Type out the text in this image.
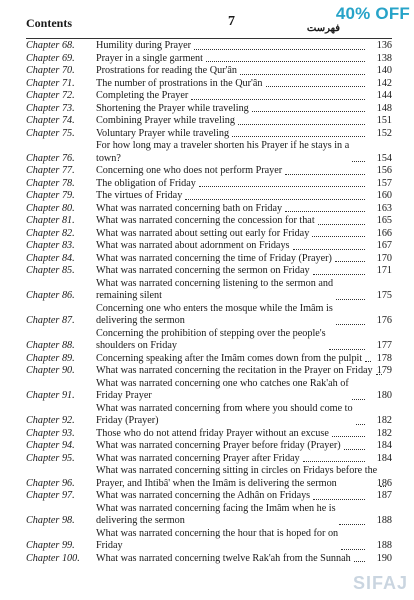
Contents	7	فهرست
40% OFF
Chapter 68.	Humility during Prayer	136
Chapter 69.	Prayer in a single garment	138
Chapter 70.	Prostrations for reading the Qur'ân	140
Chapter 71.	The number of prostrations in the Qur'ân	142
Chapter 72.	Completing the Prayer	144
Chapter 73.	Shortening the Prayer while traveling	148
Chapter 74.	Combining Prayer while traveling	151
Chapter 75.	Voluntary Prayer while traveling	152
Chapter 76.
For how long may a traveler shorten his Prayer if he stays in a
town?	154
Chapter 77.	Concerning one who does not perform Prayer	156
Chapter 78.	The obligation of Friday	157
Chapter 79.	The virtues of Friday	160
Chapter 80.	What was narrated concerning bath on Friday	163
Chapter 81.	What was narrated concerning the concession for that	165
Chapter 82.	What was narrated about setting out early for Friday	166
Chapter 83.	What was narrated about adornment on Fridays	167
Chapter 84.	What was narrated concerning the time of Friday (Prayer)	170
Chapter 85.	What was narrated concerning the sermon on Friday	171
Chapter 86.
What was narrated concerning listening to the sermon and
remaining silent	175
Chapter 87.
Concerning one who enters the mosque while the Imâm is
delivering the sermon	176
Chapter 88.
Concerning the prohibition of stepping over the people's
shoulders on Friday	177
Chapter 89.	Concerning speaking after the Imâm comes down from the pulpit	178
Chapter 90.	What was narrated concerning the recitation in the Prayer on Friday 179
Chapter 91.
What was narrated concerning one who catches one Rak'ah of
Friday Prayer	180
Chapter 92.
What was narrated concerning from where you should come to
Friday (Prayer)	182
Chapter 93.	Those who do not attend friday Prayer without an excuse	182
Chapter 94.	What was narrated concerning Prayer before friday (Prayer)	184
Chapter 95.	What was narrated concerning Prayer after Friday	184
Chapter 96.
What was narrated concerning sitting in circles on Fridays before the
Prayer, and Ihtibâ' when the Imâm is delivering the sermon	186
Chapter 97.	What was narrated concerning the Adhân on Fridays	187
Chapter 98.
What was narrated concerning facing the Imâm when he is
delivering the sermon	188
Chapter 99.
What was narrated concerning the hour that is hoped for on
Friday	188
Chapter 100.	What was narrated concerning twelve Rak'ah from the Sunnah	190
SIFAJ
